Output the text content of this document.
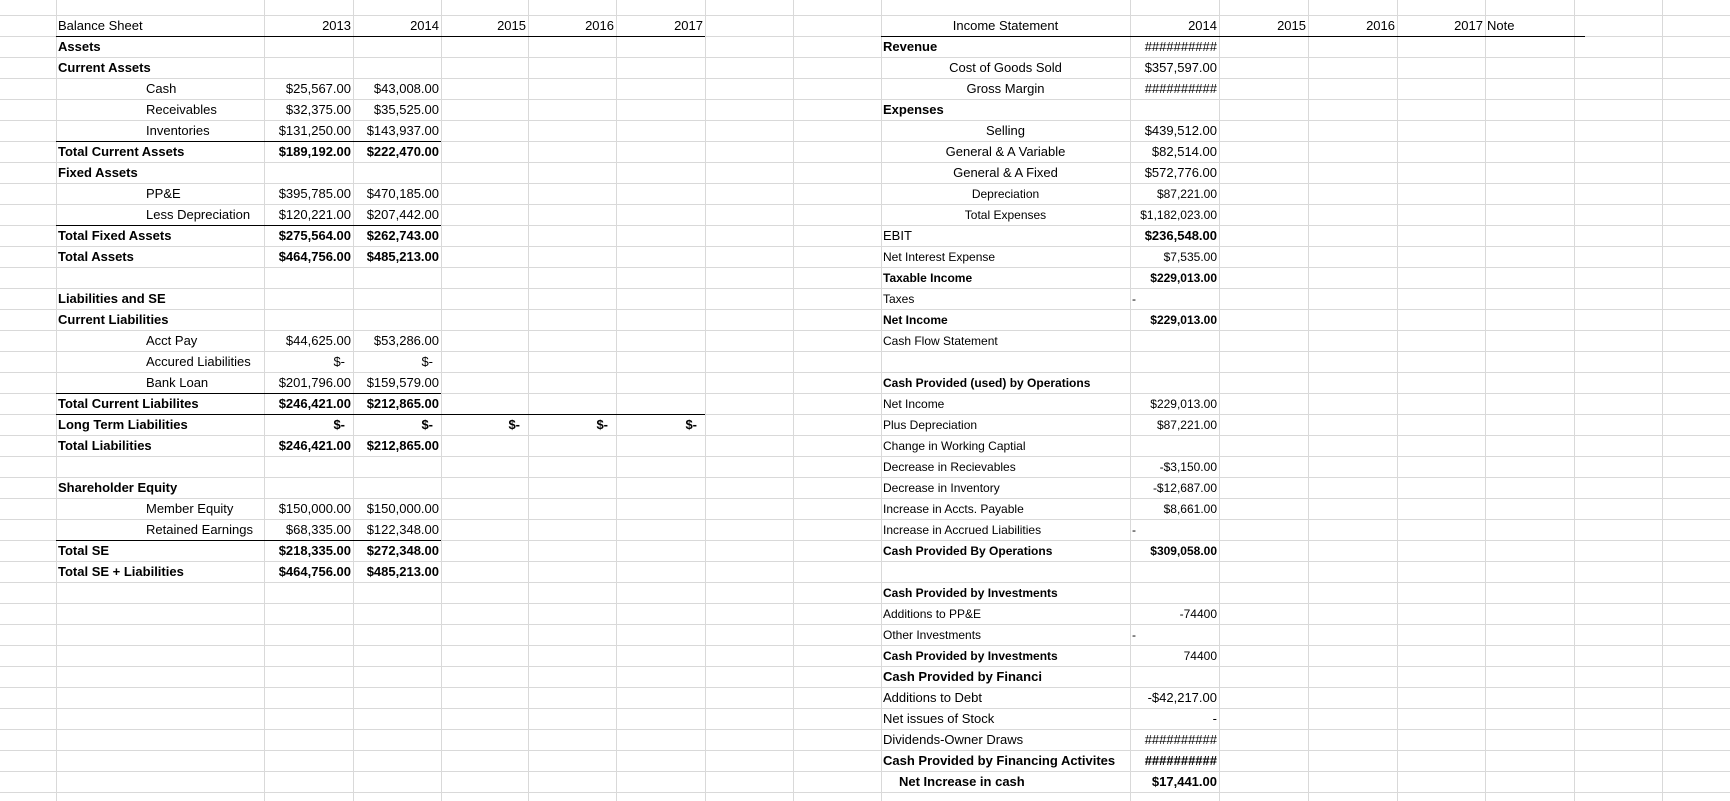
Balance Sheet	2013	2014	2015	2016	2017
Assets
Current Assets
Cash	$25,567.00	$43,008.00
Receivables	$32,375.00	$35,525.00
Inventories	$131,250.00	$143,937.00
Total Current Assets	$189,192.00	$222,470.00
Fixed Assets
PP&E	$395,785.00	$470,185.00
Less Depreciation	$120,221.00	$207,442.00
Total Fixed Assets	$275,564.00	$262,743.00
Total Assets	$464,756.00	$485,213.00
Liabilities and SE
Current Liabilities
Acct Pay	$44,625.00	$53,286.00
Accured Liabilities	$-	$-
Bank Loan	$201,796.00	$159,579.00
Total Current Liabilites	$246,421.00	$212,865.00
Long Term Liabilities	$-	$-	$-	$-	$-
Total Liabilities	$246,421.00	$212,865.00
Shareholder Equity
Member Equity	$150,000.00	$150,000.00
Retained Earnings	$68,335.00	$122,348.00
Total SE	$218,335.00	$272,348.00
Total SE + Liabilities	$464,756.00	$485,213.00
Income Statement	2014	2015	2016	2017 Note
Revenue	##########
Cost of Goods Sold	$357,597.00
Gross Margin	##########
Expenses
Selling	$439,512.00
General & A Variable	$82,514.00
General & A Fixed	$572,776.00
Depreciation	$87,221.00
Total Expenses	$1,182,023.00
EBIT	$236,548.00
Net Interest Expense	$7,535.00
Taxable Income	$229,013.00
Taxes	-
Net Income	$229,013.00
Cash Flow Statement
Cash Provided (used) by Operations
Net Income	$229,013.00
Plus Depreciation	$87,221.00
Change in Working Captial
Decrease in Recievables	-$3,150.00
Decrease in Inventory	-$12,687.00
Increase in Accts. Payable	$8,661.00
Increase in Accrued Liabilities	-
Cash Provided By Operations	$309,058.00
Cash Provided by Investments
Additions to PP&E	-74400
Other Investments	-
Cash Provided by Investments	74400
Cash Provided by Financi
Additions to Debt	-$42,217.00
Net issues of Stock	-
Dividends-Owner Draws	##########
Cash Provided by Financing Activites	##########
Net Increase in cash	$17,441.00
